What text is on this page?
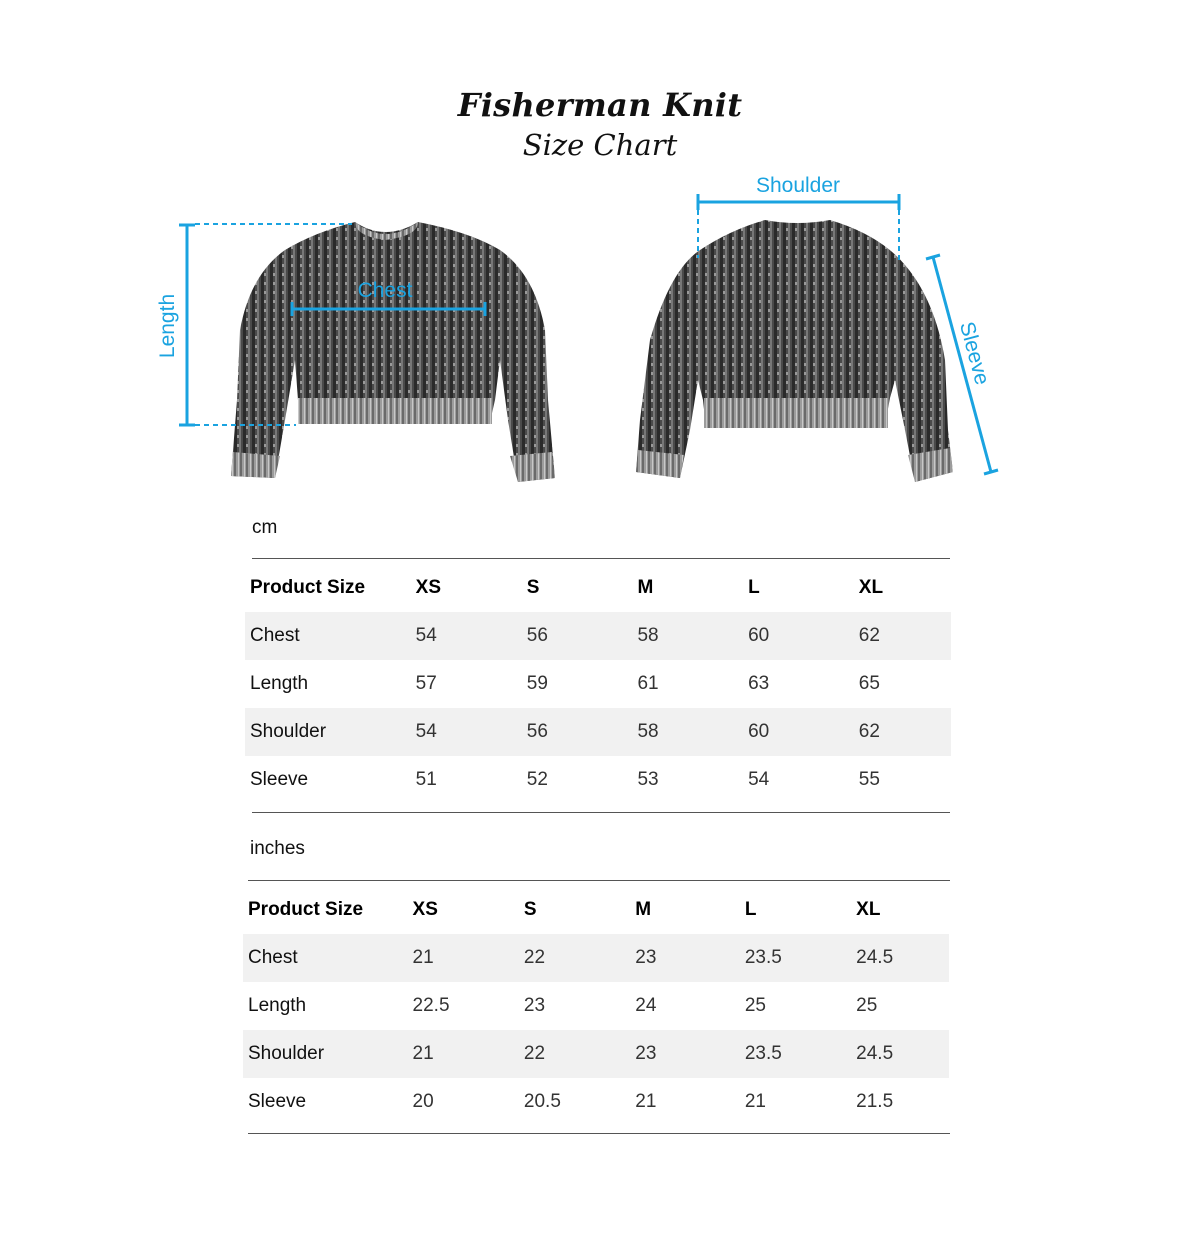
Fisherman Knit
Size Chart
Length
Chest
Shoulder
Sleeve
cm
Product Size	XS	S	M	L	XL
Chest	54	56	58	60	62
Length	57	59	61	63	65
Shoulder	54	56	58	60	62
Sleeve	51	52	53	54	55
inches
Product Size	XS	S	M	L	XL
Chest	21	22	23	23.5	24.5
Length	22.5	23	24	25	25
Shoulder	21	22	23	23.5	24.5
Sleeve	20	20.5	21	21	21.5
